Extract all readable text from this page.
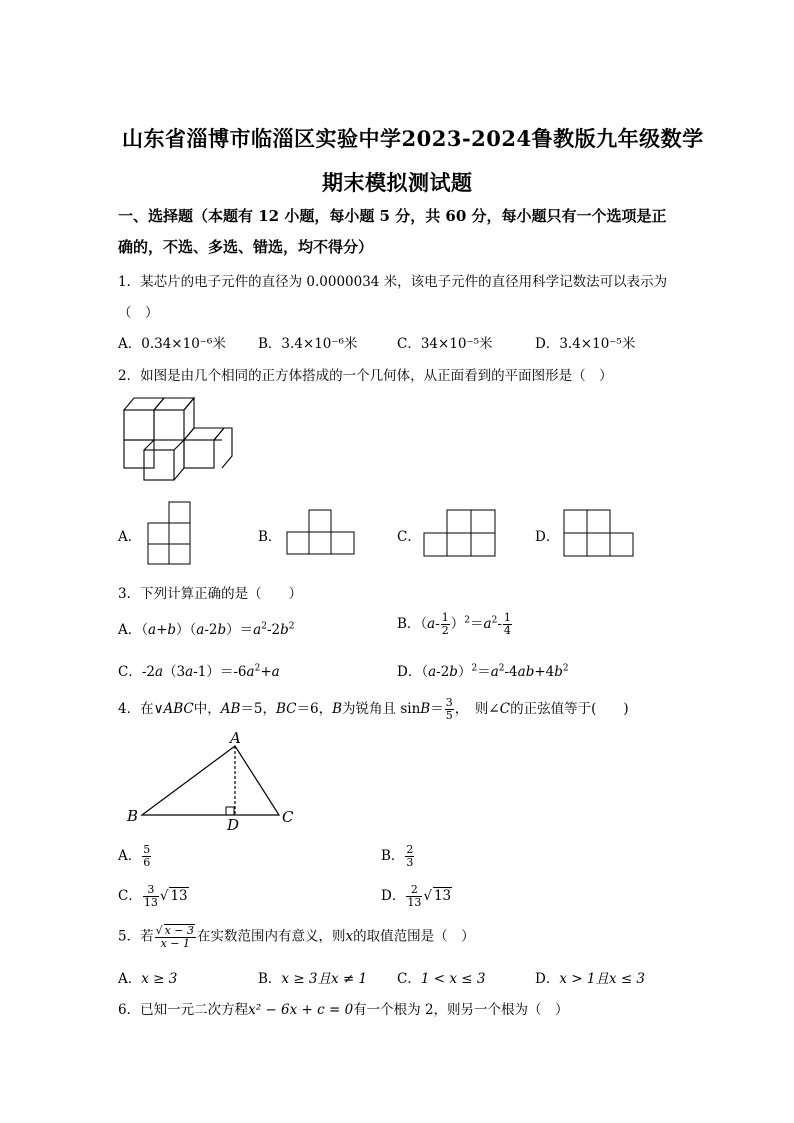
山东省淄博市临淄区实验中学2023-2024鲁教版九年级数学
期末模拟测试题
一、选择题（本题有 12 小题，每小题 5 分，共 60 分，每小题只有一个选项是正
确的，不选、多选、错选，均不得分）
1．某芯片的电子元件的直径为 0.0000034 米，该电子元件的直径用科学记数法可以表示为
（　）
A．0.34×10⁻⁶米 B．3.4×10⁻⁶米	C．34×10⁻⁵米	D．3.4×10⁻⁵米
2．如图是由几个相同的正方体搭成的一个几何体，从正面看到的平面图形是（　）
A．	B．	C．	D．
3．下列计算正确的是（　　）
A．$(a+b)(a-2b)=a^2-2b^2$	B．$(a- \frac{1}{2} )^2=a^2- \frac{1}{4}$
C．$-2a(3a-1)=-6a^2+a$	D．$(a-2b)^2=a^2-4ab+4b^2$
4．在∨ABC中，AB＝5，BC＝6，B为锐角且 $\sin B= \frac{3}{5}$ ，　则∠C的正弦值等于(　　)
A
B	C
D
A． $\frac{5}{6}$	B． $\frac{2}{3}$
C． $\frac{3}{13}$ √ 13	D． $\frac{2}{13}$ √ 13
5．若 $\frac{√ x - 3}{x - 1}$ 在实数范围内有意义，则x的取值范围是（　）
A．x ≥ 3	B．x ≥ 3且x ≠ 1 C．1 < x ≤ 3	D．x > 1且x ≤ 3
6．已知一元二次方程x² − 6x + c = 0有一个根为 2，则另一个根为（　）
